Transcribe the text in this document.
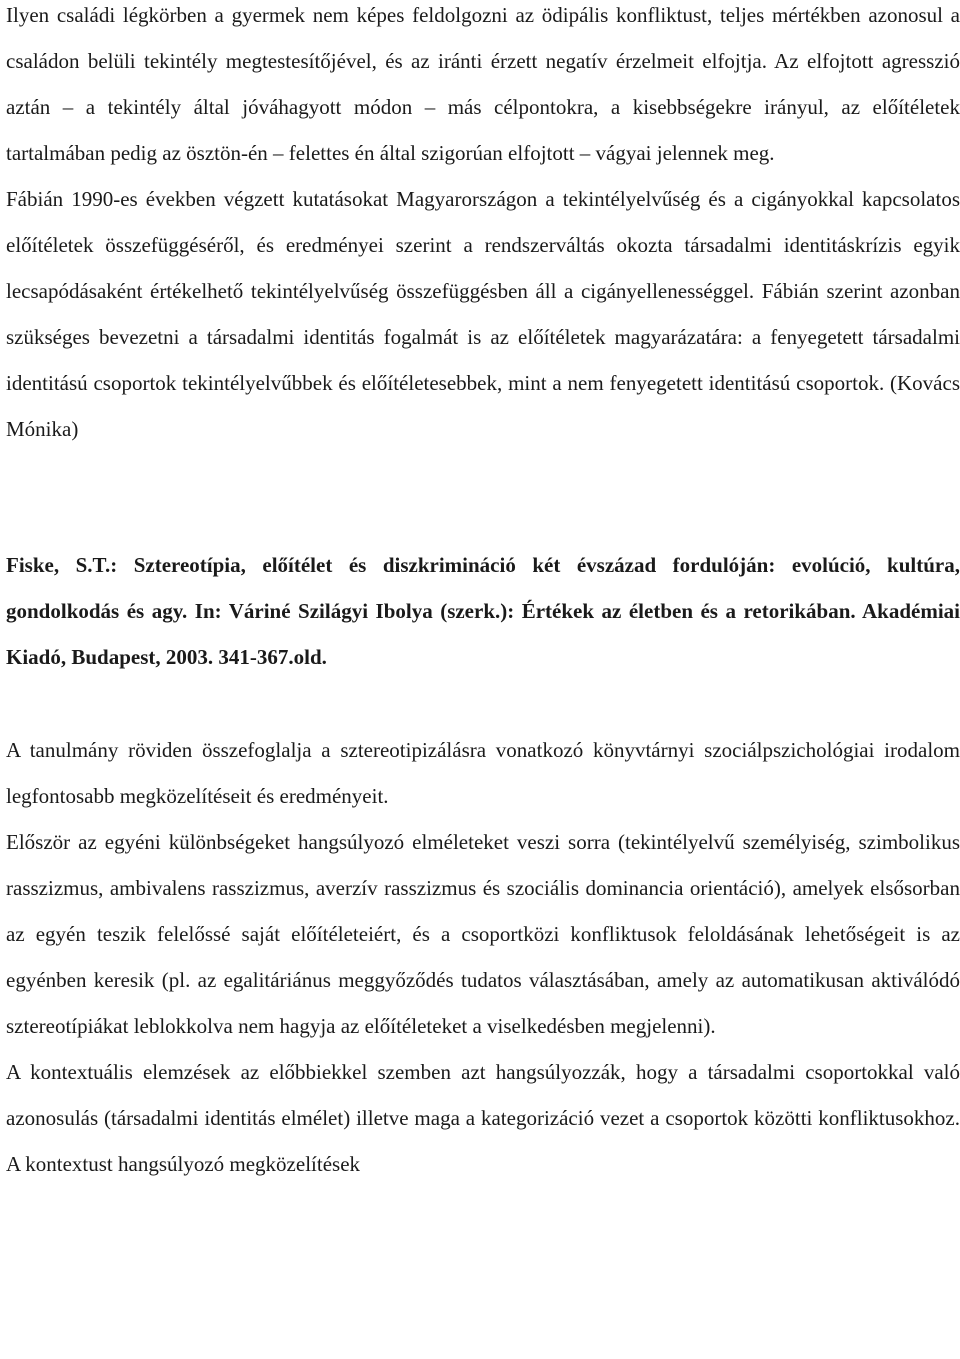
Ilyen családi légkörben a gyermek nem képes feldolgozni az ödipális konfliktust, teljes mértékben azonosul a családon belüli tekintély megtestesítőjével, és az iránti érzett negatív érzelmeit elfojtja. Az elfojtott agresszió aztán – a tekintély által jóváhagyott módon – más célpontokra, a kisebbségekre irányul, az előítéletek tartalmában pedig az ösztön-én – felettes én által szigorúan elfojtott – vágyai jelennek meg.

Fábián 1990-es években végzett kutatásokat Magyarországon a tekintélyelvűség és a cigányokkal kapcsolatos előítéletek összefüggéséről, és eredményei szerint a rendszerváltás okozta társadalmi identitáskrízis egyik lecsapódásaként értékelhető tekintélyelvűség összefüggésben áll a cigányellenességgel. Fábián szerint azonban szükséges bevezetni a társadalmi identitás fogalmát is az előítéletek magyarázatára: a fenyegetett társadalmi identitású csoportok tekintélyelvűbbek és előítéletesebbek, mint a nem fenyegetett identitású csoportok. (Kovács Mónika)

Fiske, S.T.: Sztereotípia, előítélet és diszkrimináció két évszázad fordulóján: evolúció, kultúra, gondolkodás és agy. In: Váriné Szilágyi Ibolya (szerk.): Értékek az életben és a retorikában. Akadémiai Kiadó, Budapest, 2003. 341-367.old.

A tanulmány röviden összefoglalja a sztereotipizálásra vonatkozó könyvtárnyi szociálpszichológiai irodalom legfontosabb megközelítéseit és eredményeit.

Először az egyéni különbségeket hangsúlyozó elméleteket veszi sorra (tekintélyelvű személyiség, szimbolikus rasszizmus, ambivalens rasszizmus, averzív rasszizmus és szociális dominancia orientáció), amelyek elsősorban az egyén teszik felelőssé saját előítéleteiért, és a csoportközi konfliktusok feloldásának lehetőségeit is az egyénben keresik (pl. az egalitáriánus meggyőződés tudatos választásában, amely az automatikusan aktiválódó sztereotípiákat leblokkolva nem hagyja az előítéleteket a viselkedésben megjelenni).

A kontextuális elemzések az előbbiekkel szemben azt hangsúlyozzák, hogy a társadalmi csoportokkal való azonosulás (társadalmi identitás elmélet) illetve maga a kategorizáció vezet a csoportok közötti konfliktusokhoz. A kontextust hangsúlyozó megközelítések
